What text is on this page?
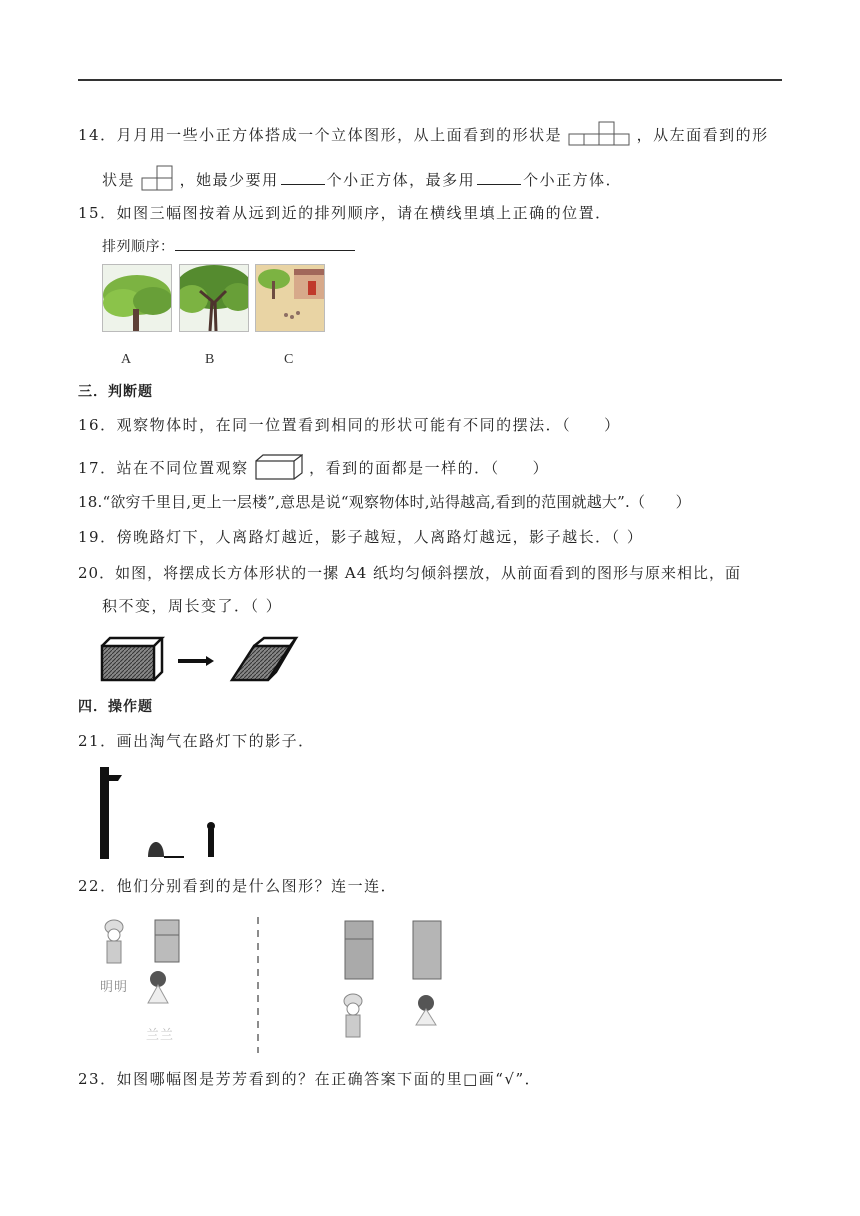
14．月月用一些小正方体搭成一个立体图形，从上面看到的形状是	，从左面看到的形
状是	，她最少要用	个小正方体，最多用	个小正方体．
15．如图三幅图按着从远到近的排列顺序，请在横线里填上正确的位置．
排列顺序：
A	B	C
三．判断题
16．观察物体时，在同一位置看到相同的形状可能有不同的摆法．（　　）
17．站在不同位置观察	，看到的面都是一样的．（　　）
18.“欲穷千里目,更上一层楼”,意思是说“观察物体时,站得越高,看到的范围就越大”.（　　）
19．傍晚路灯下，人离路灯越近，影子越短，人离路灯越远，影子越长．（ ）
20．如图，将摆成长方体形状的一摞 A4 纸均匀倾斜摆放，从前面看到的图形与原来相比，面
积不变，周长变了．（ ）
四．操作题
21．画出淘气在路灯下的影子．
22．他们分别看到的是什么图形？连一连．
明明
兰兰
23．如图哪幅图是芳芳看到的？在正确答案下面的里□画“√”．
